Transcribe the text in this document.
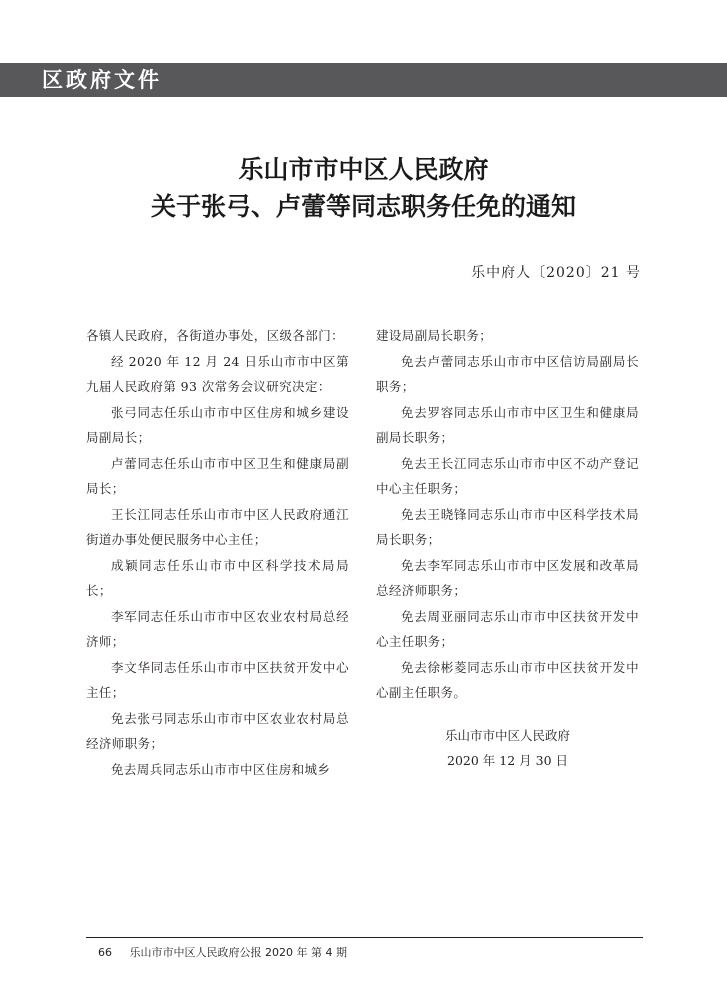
区政府文件
乐山市市中区人民政府
关于张弓、卢蕾等同志职务任免的通知
乐中府人〔2020〕21 号

各镇人民政府，各街道办事处，区级各部门：

经 2020 年 12 月 24 日乐山市市中区第九届人民政府第 93 次常务会议研究决定：

张弓同志任乐山市市中区住房和城乡建设局副局长；

卢蕾同志任乐山市市中区卫生和健康局副局长；

王长江同志任乐山市市中区人民政府通江街道办事处便民服务中心主任；

成颖同志任乐山市市中区科学技术局局长；

李军同志任乐山市市中区农业农村局总经济师；

李文华同志任乐山市市中区扶贫开发中心主任；

免去张弓同志乐山市市中区农业农村局总经济师职务；

免去周兵同志乐山市市中区住房和城乡

建设局副局长职务；

免去卢蕾同志乐山市市中区信访局副局长职务；

免去罗容同志乐山市市中区卫生和健康局副局长职务；

免去王长江同志乐山市市中区不动产登记中心主任职务；

免去王晓锋同志乐山市市中区科学技术局局长职务；

免去李军同志乐山市市中区发展和改革局总经济师职务；

免去周亚丽同志乐山市市中区扶贫开发中心主任职务；

免去徐彬菱同志乐山市市中区扶贫开发中心副主任职务。

乐山市市中区人民政府
2020 年 12 月 30 日
66 乐山市市中区人民政府公报 2020 年 第 4 期
